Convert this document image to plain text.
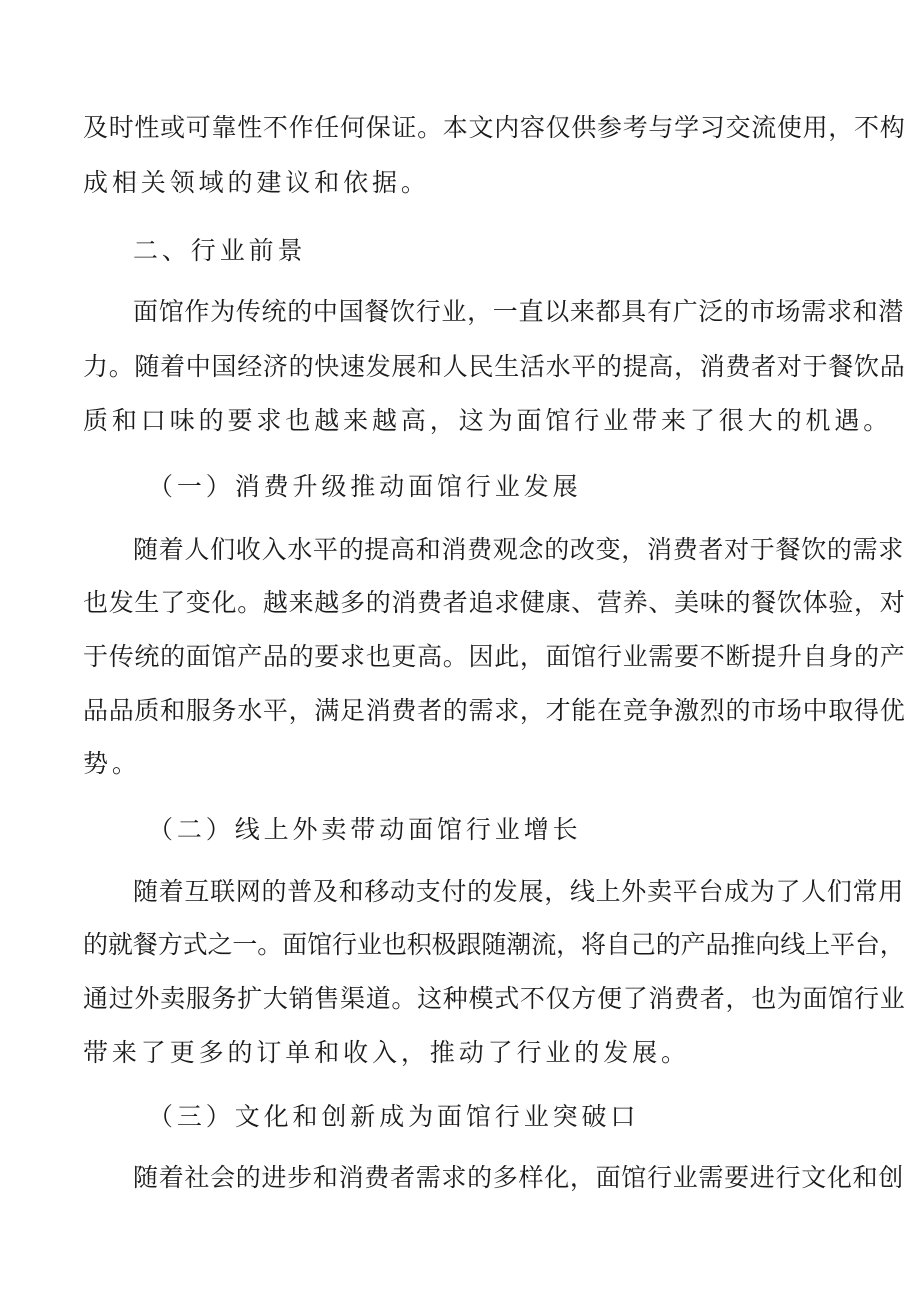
及时性或可靠性不作任何保证。本文内容仅供参考与学习交流使用，不构
成相关领域的建议和依据。
二、行业前景
面馆作为传统的中国餐饮行业，一直以来都具有广泛的市场需求和潜
力。随着中国经济的快速发展和人民生活水平的提高，消费者对于餐饮品
质和口味的要求也越来越高，这为面馆行业带来了很大的机遇。
（一）消费升级推动面馆行业发展
随着人们收入水平的提高和消费观念的改变，消费者对于餐饮的需求
也发生了变化。越来越多的消费者追求健康、营养、美味的餐饮体验，对
于传统的面馆产品的要求也更高。因此，面馆行业需要不断提升自身的产
品品质和服务水平，满足消费者的需求，才能在竞争激烈的市场中取得优
势。
（二）线上外卖带动面馆行业增长
随着互联网的普及和移动支付的发展，线上外卖平台成为了人们常用
的就餐方式之一。面馆行业也积极跟随潮流，将自己的产品推向线上平台，
通过外卖服务扩大销售渠道。这种模式不仅方便了消费者，也为面馆行业
带来了更多的订单和收入，推动了行业的发展。
（三）文化和创新成为面馆行业突破口
随着社会的进步和消费者需求的多样化，面馆行业需要进行文化和创
